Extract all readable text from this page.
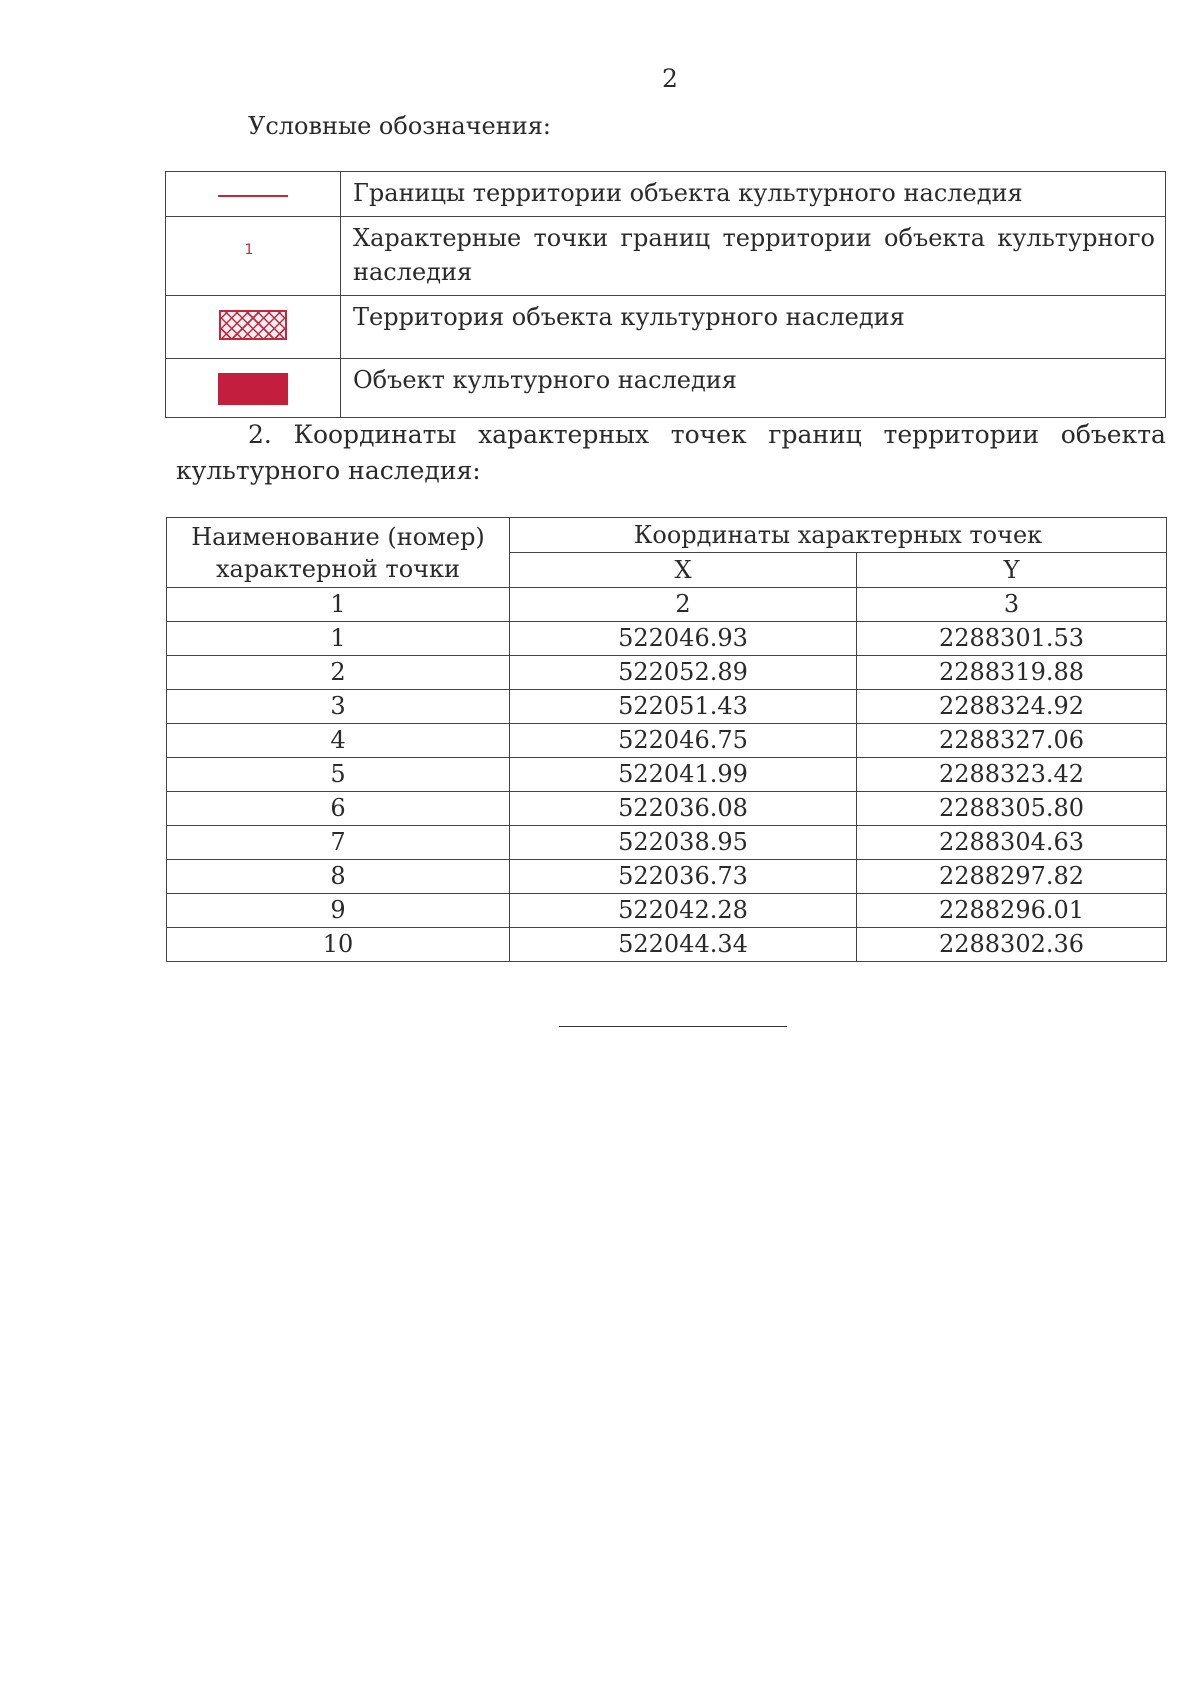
2
Условные обозначения:
	Границы территории объекта культурного наследия
1	Характерные точки границ территории объекта культурного наследия
	Территория объекта культурного наследия
	Объект культурного наследия
2. Координаты характерных точек границ территории объекта
культурного наследия:
Наименование (номер) характерной точки	Координаты характерных точек	
	X	Y
1	2	3
1	522046.93	2288301.53
2	522052.89	2288319.88
3	522051.43	2288324.92
4	522046.75	2288327.06
5	522041.99	2288323.42
6	522036.08	2288305.80
7	522038.95	2288304.63
8	522036.73	2288297.82
9	522042.28	2288296.01
10	522044.34	2288302.36
